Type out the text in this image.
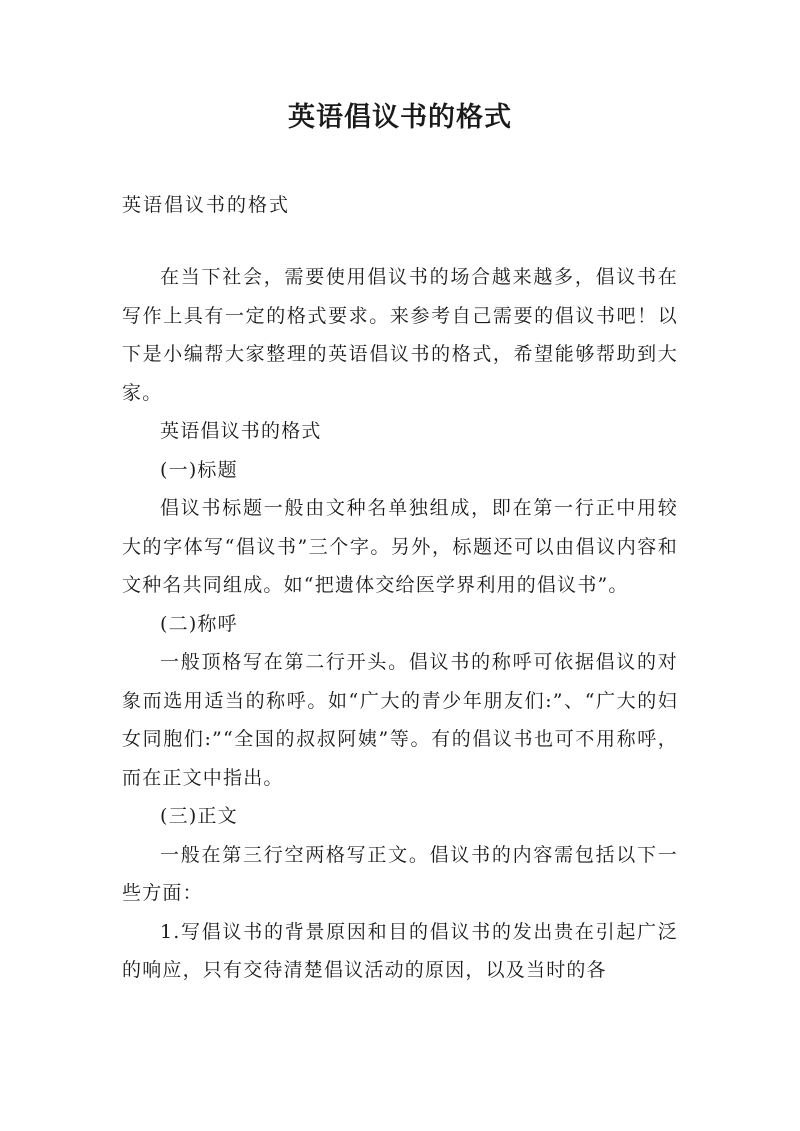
英语倡议书的格式

英语倡议书的格式

在当下社会，需要使用倡议书的场合越来越多，倡议书在写作上具有一定的格式要求。来参考自己需要的倡议书吧！以下是小编帮大家整理的英语倡议书的格式，希望能够帮助到大家。

英语倡议书的格式

(一)标题

倡议书标题一般由文种名单独组成，即在第一行正中用较大的字体写“倡议书”三个字。另外，标题还可以由倡议内容和文种名共同组成。如“把遗体交给医学界利用的倡议书”。

(二)称呼

一般顶格写在第二行开头。倡议书的称呼可依据倡议的对象而选用适当的称呼。如“广大的青少年朋友们:”、“广大的妇女同胞们:”“全国的叔叔阿姨”等。有的倡议书也可不用称呼，而在正文中指出。

(三)正文

一般在第三行空两格写正文。倡议书的内容需包括以下一些方面：

1.写倡议书的背景原因和目的倡议书的发出贵在引起广泛的响应，只有交待清楚倡议活动的原因，以及当时的各
